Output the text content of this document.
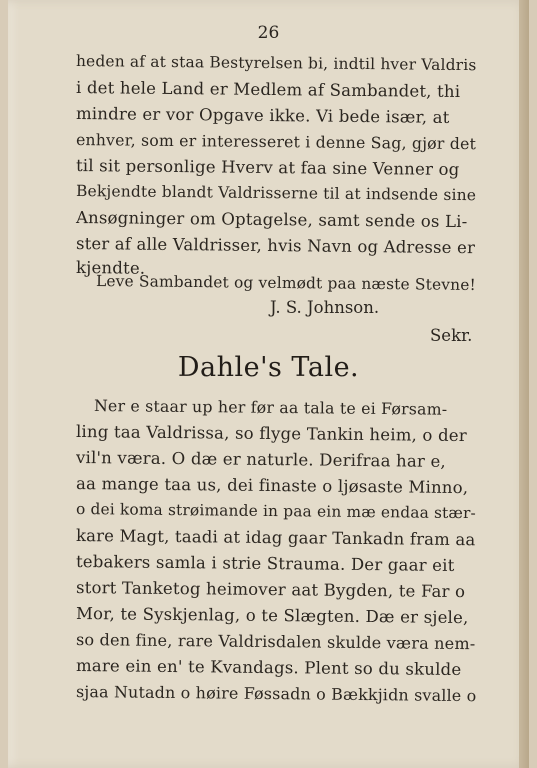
26
heden af at staa Bestyrelsen bi, indtil hver Valdris
i det hele Land er Medlem af Sambandet, thi
mindre er vor Opgave ikke. Vi bede især, at
enhver, som er interesseret i denne Sag, gjør det
til sit personlige Hverv at faa sine Venner og
Bekjendte blandt Valdrisserne til at indsende sine
Ansøgninger om Optagelse, samt sende os Li-
ster af alle Valdrisser, hvis Navn og Adresse er
kjendte.
Leve Sambandet og velmødt paa næste Stevne!
J. S. Johnson.
Sekr.
Dahle's Tale.
Ner e staar up her før aa tala te ei Førsam-
ling taa Valdrissa, so flyge Tankin heim, o der
vil'n væra. O dæ er naturle. Derifraa har e,
aa mange taa us, dei finaste o ljøsaste Minno,
o dei koma strøimande in paa ein mæ endaa stær-
kare Magt, taadi at idag gaar Tankadn fram aa
tebakers samla i strie Strauma. Der gaar eit
stort Tanketog heimover aat Bygden, te Far o
Mor, te Syskjenlag, o te Slægten. Dæ er sjele,
so den fine, rare Valdrisdalen skulde væra nem-
mare ein en' te Kvandags. Plent so du skulde
sjaa Nutadn o høire Føssadn o Bækkjidn svalle o
